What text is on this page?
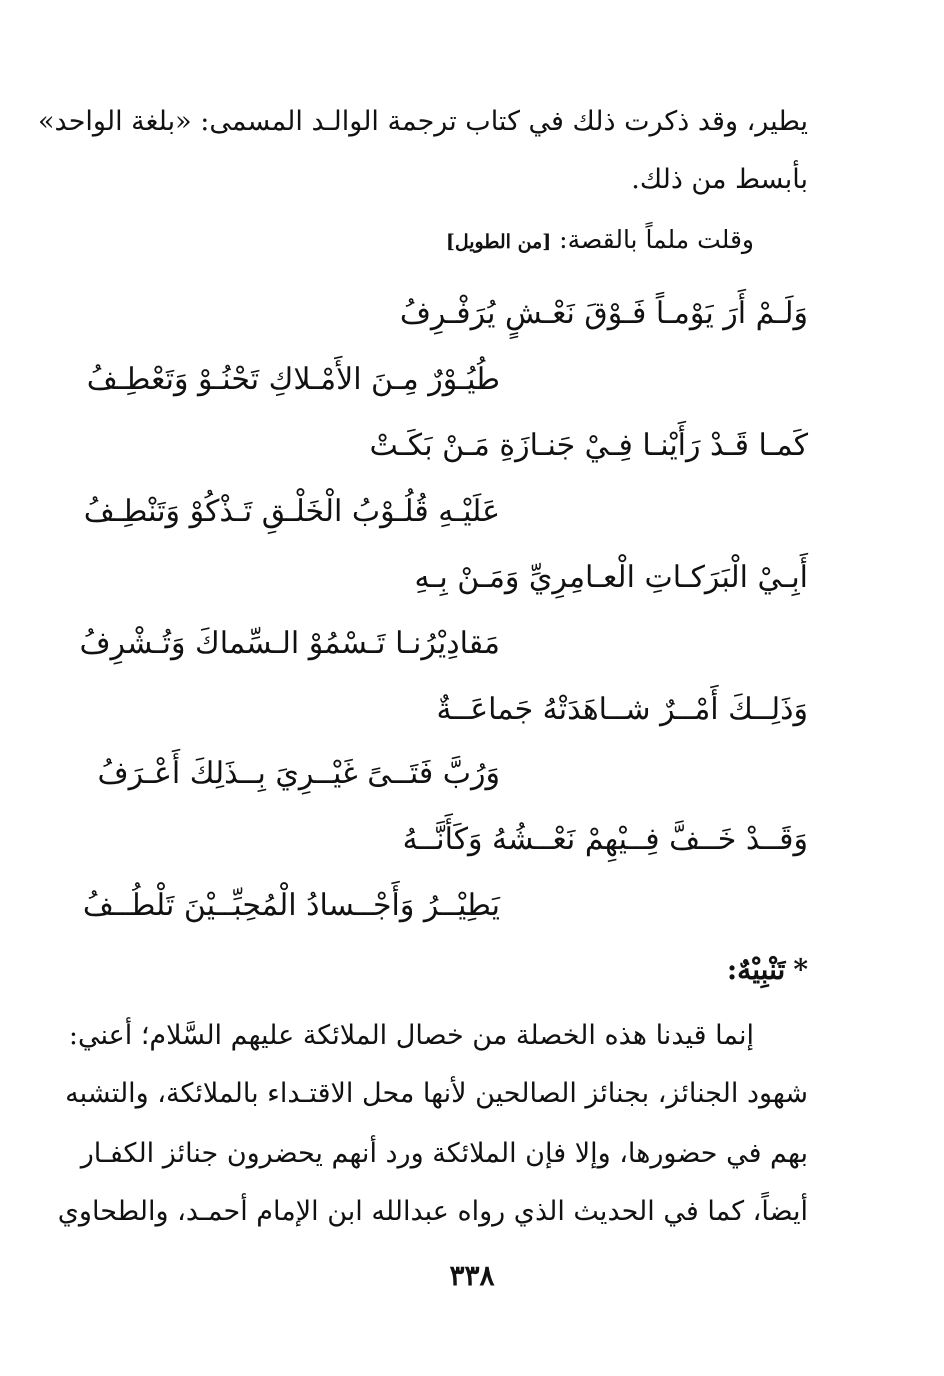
يطير، وقد ذكرت ذلك في كتاب ترجمة الوالـد المسمى: «بلغة الواحد»
بأبسط من ذلك.
وقلت ملماً بالقصة: [من الطويل]
وَلَـمْ أَرَ يَوْمـاً فَـوْقَ نَعْـشٍ يُرَفْـرِفُ
طُيُـوْرٌ مِـنَ الأَمْـلاكِ تَحْنُـوْ وَتَعْطِـفُ
كَمـا قَـدْ رَأَيْنـا فِـيْ جَنـازَةِ مَـنْ بَكَـتْ
عَلَيْـهِ قُلُـوْبُ الْخَلْـقِ تَـذْكُوْ وَتَنْطِـفُ
أَبِـيْ الْبَرَكـاتِ الْعـامِرِيِّ وَمَـنْ بِـهِ
مَقادِيْرُنـا تَـسْمُوْ الـسِّماكَ وَتُـشْرِفُ
وَذَلِــكَ أَمْــرٌ شــاهَدَتْهُ جَماعَــةٌ
وَرُبَّ فَتَــىً غَيْــرِيَ بِــذَلِكَ أَعْـرَفُ
وَقَــدْ خَــفَّ فِــيْهِمْ نَعْــشُهُ وَكَأَنَّــهُ
يَطِيْــرُ وَأَجْــسادُ الْمُحِبِّــيْنَ تَلْطُــفُ
*تَنْبِيْهٌ:
إنما قيدنا هذه الخصلة من خصال الملائكة عليهم السَّلام؛ أعني:
شهود الجنائز، بجنائز الصالحين لأنها محل الاقتـداء بالملائكة، والتشبه
بهم في حضورها، وإلا فإن الملائكة ورد أنهم يحضرون جنائز الكفـار
أيضاً، كما في الحديث الذي رواه عبدالله ابن الإمام أحمـد، والطحاوي
٣٣٨
